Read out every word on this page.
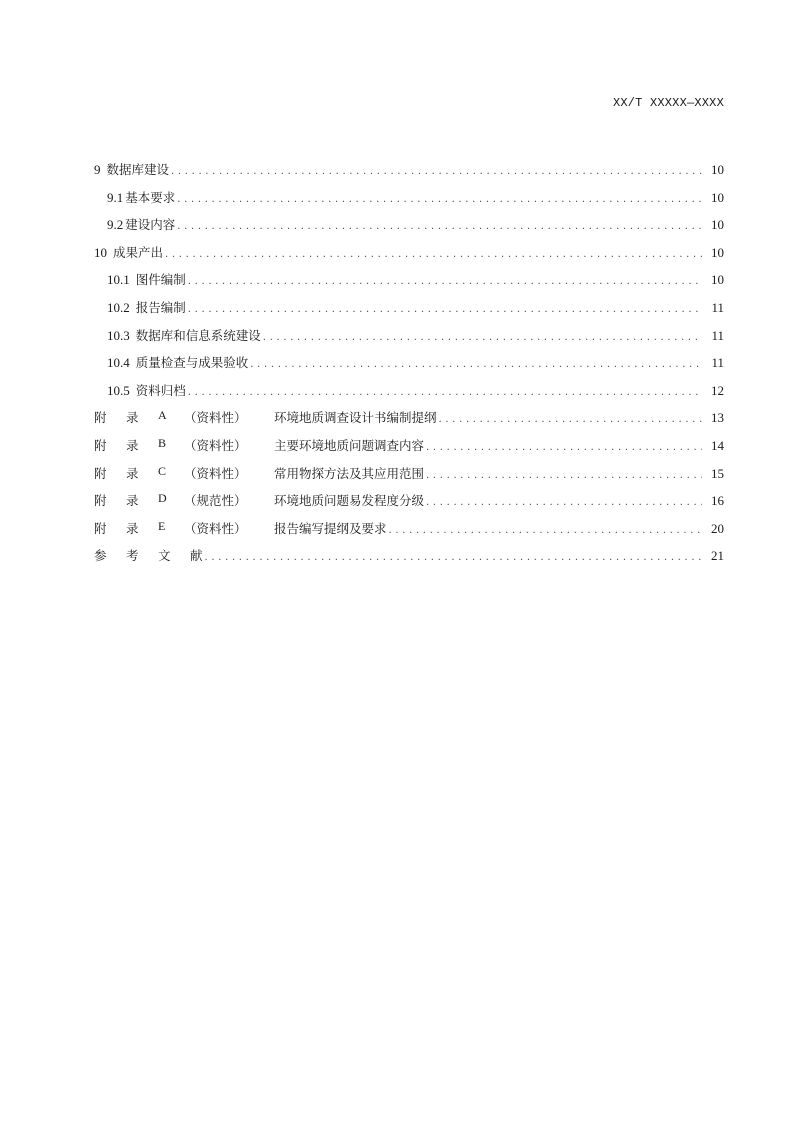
XX/T XXXXX—XXXX
9 数据库建设 . . .	10
9.1 基本要求 . . .	10
9.2 建设内容 . . .	10
10 成果产出 . . .	10
10.1 图件编制 . . .	10
10.2 报告编制 . . .	11
10.3 数据库和信息系统建设 . . .	11
10.4 质量检查与成果验收 . . .	11
10.5 资料归档 . . .	12
附	录	A	（资料性）	环境地质调查设计书编制提纲 . . .	13
附	录	B	（资料性）	主要环境地质问题调查内容 . . .	14
附	录	C	（资料性）	常用物探方法及其应用范围 . . .	15
附	录	D	（规范性）	环境地质问题易发程度分级 . . .	16
附	录	E	（资料性）	报告编写提纲及要求 . . .	20
参 考 文 献 . . .	21
